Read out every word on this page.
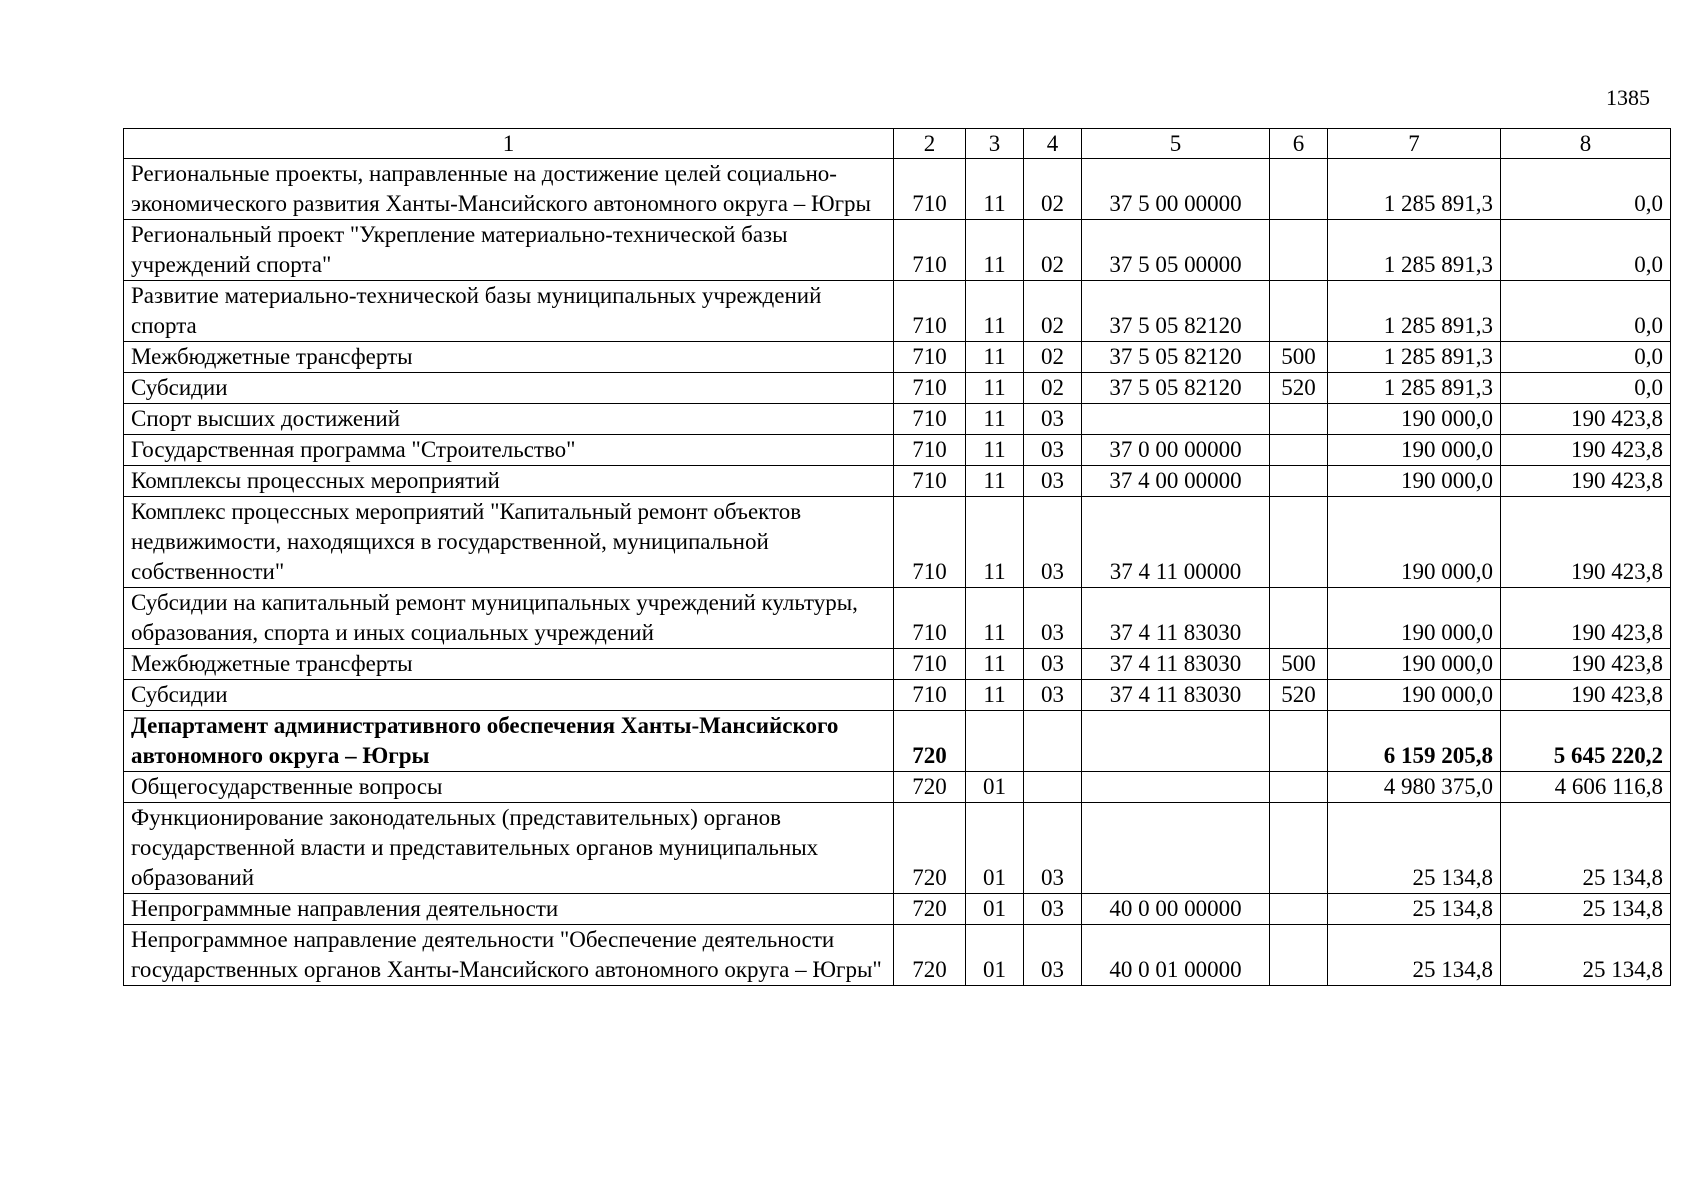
1385
1	2	3	4	5	6	7	8
Региональные проекты, направленные на достижение целей социально-экономического развития Ханты-Мансийского автономного округа – Югры	710	11	02	37 5 00 00000		1 285 891,3	0,0
Региональный проект "Укрепление материально-технической базы учреждений спорта"	710	11	02	37 5 05 00000		1 285 891,3	0,0
Развитие материально-технической базы муниципальных учреждений спорта	710	11	02	37 5 05 82120		1 285 891,3	0,0
Межбюджетные трансферты	710	11	02	37 5 05 82120	500	1 285 891,3	0,0
Субсидии	710	11	02	37 5 05 82120	520	1 285 891,3	0,0
Спорт высших достижений	710	11	03			190 000,0	190 423,8
Государственная программа "Строительство"	710	11	03	37 0 00 00000		190 000,0	190 423,8
Комплексы процессных мероприятий	710	11	03	37 4 00 00000		190 000,0	190 423,8
Комплекс процессных мероприятий "Капитальный ремонт объектов недвижимости, находящихся в государственной, муниципальной собственности"	710	11	03	37 4 11 00000		190 000,0	190 423,8
Субсидии на капитальный ремонт муниципальных учреждений культуры, образования, спорта и иных социальных учреждений	710	11	03	37 4 11 83030		190 000,0	190 423,8
Межбюджетные трансферты	710	11	03	37 4 11 83030	500	190 000,0	190 423,8
Субсидии	710	11	03	37 4 11 83030	520	190 000,0	190 423,8
Департамент административного обеспечения Ханты-Мансийского автономного округа – Югры	720					6 159 205,8	5 645 220,2
Общегосударственные вопросы	720	01				4 980 375,0	4 606 116,8
Функционирование законодательных (представительных) органов государственной власти и представительных органов муниципальных образований	720	01	03			25 134,8	25 134,8
Непрограммные направления деятельности	720	01	03	40 0 00 00000		25 134,8	25 134,8
Непрограммное направление деятельности "Обеспечение деятельности государственных органов Ханты-Мансийского автономного округа – Югры"	720	01	03	40 0 01 00000		25 134,8	25 134,8
